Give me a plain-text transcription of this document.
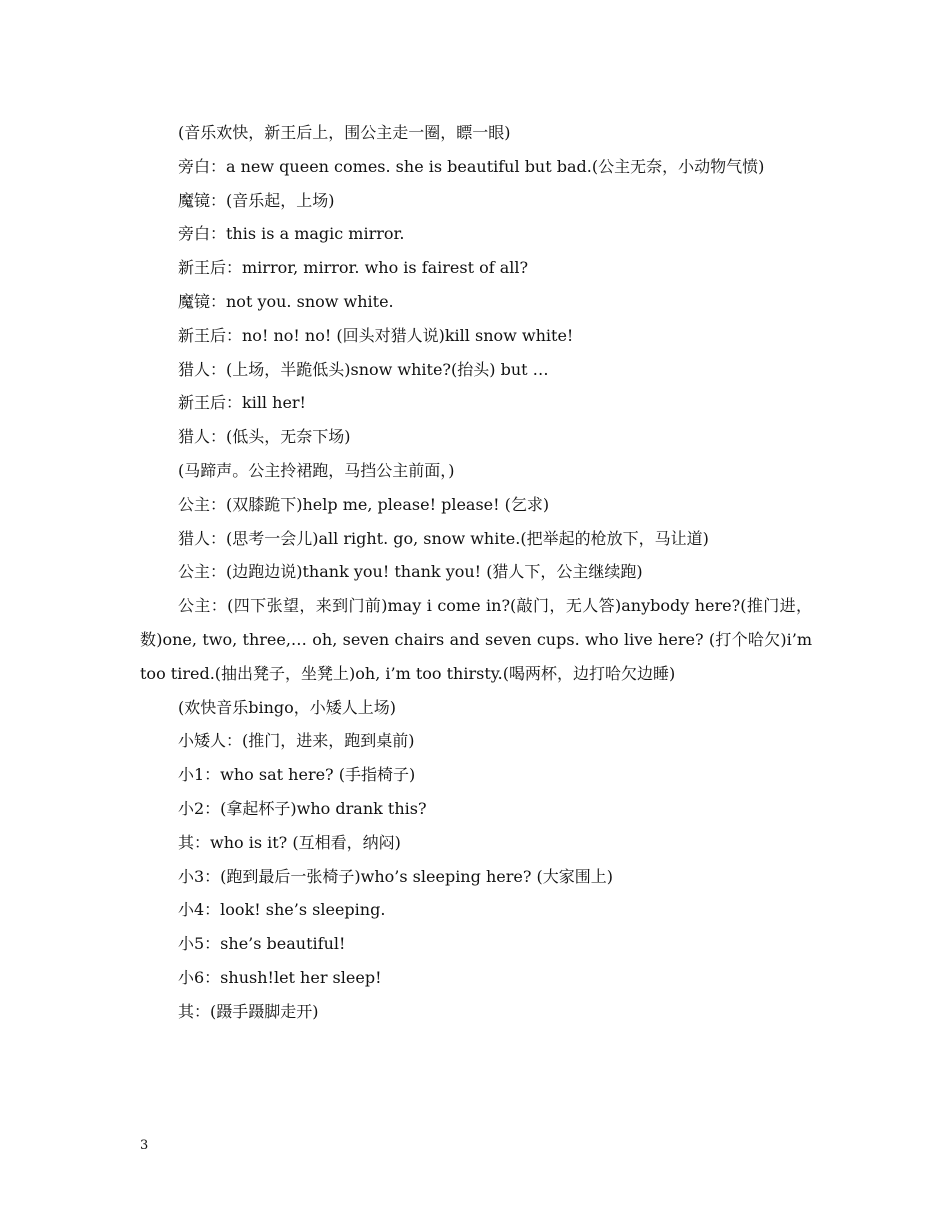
(音乐欢快，新王后上，围公主走一圈，瞟一眼)

旁白：a new queen comes. she is beautiful but bad.(公主无奈，小动物气愤)

魔镜：(音乐起，上场)

旁白：this is a magic mirror.

新王后：mirror, mirror. who is fairest of all?

魔镜：not you. snow white.

新王后：no! no! no! (回头对猎人说)kill snow white!

猎人：(上场，半跪低头)snow white?(抬头) but …

新王后：kill her!

猎人：(低头，无奈下场)

(马蹄声。公主拎裙跑，马挡公主前面，)

公主：(双膝跪下)help me, please! please! (乞求)

猎人：(思考一会儿)all right. go, snow white.(把举起的枪放下，马让道)

公主：(边跑边说)thank you! thank you! (猎人下，公主继续跑)

公主：(四下张望，来到门前)may i come in?(敲门，无人答)anybody here?(推门进，数)one, two, three,… oh, seven chairs and seven cups. who live here? (打个哈欠)i’m too tired.(抽出凳子，坐凳上)oh, i’m too thirsty.(喝两杯，边打哈欠边睡)

(欢快音乐bingo，小矮人上场)

小矮人：(推门，进来，跑到桌前)

小1：who sat here? (手指椅子)

小2：(拿起杯子)who drank this?

其：who is it? (互相看，纳闷)

小3：(跑到最后一张椅子)who’s sleeping here? (大家围上)

小4：look! she’s sleeping.

小5：she’s beautiful!

小6：shush!let her sleep!

其：(蹑手蹑脚走开)

3
